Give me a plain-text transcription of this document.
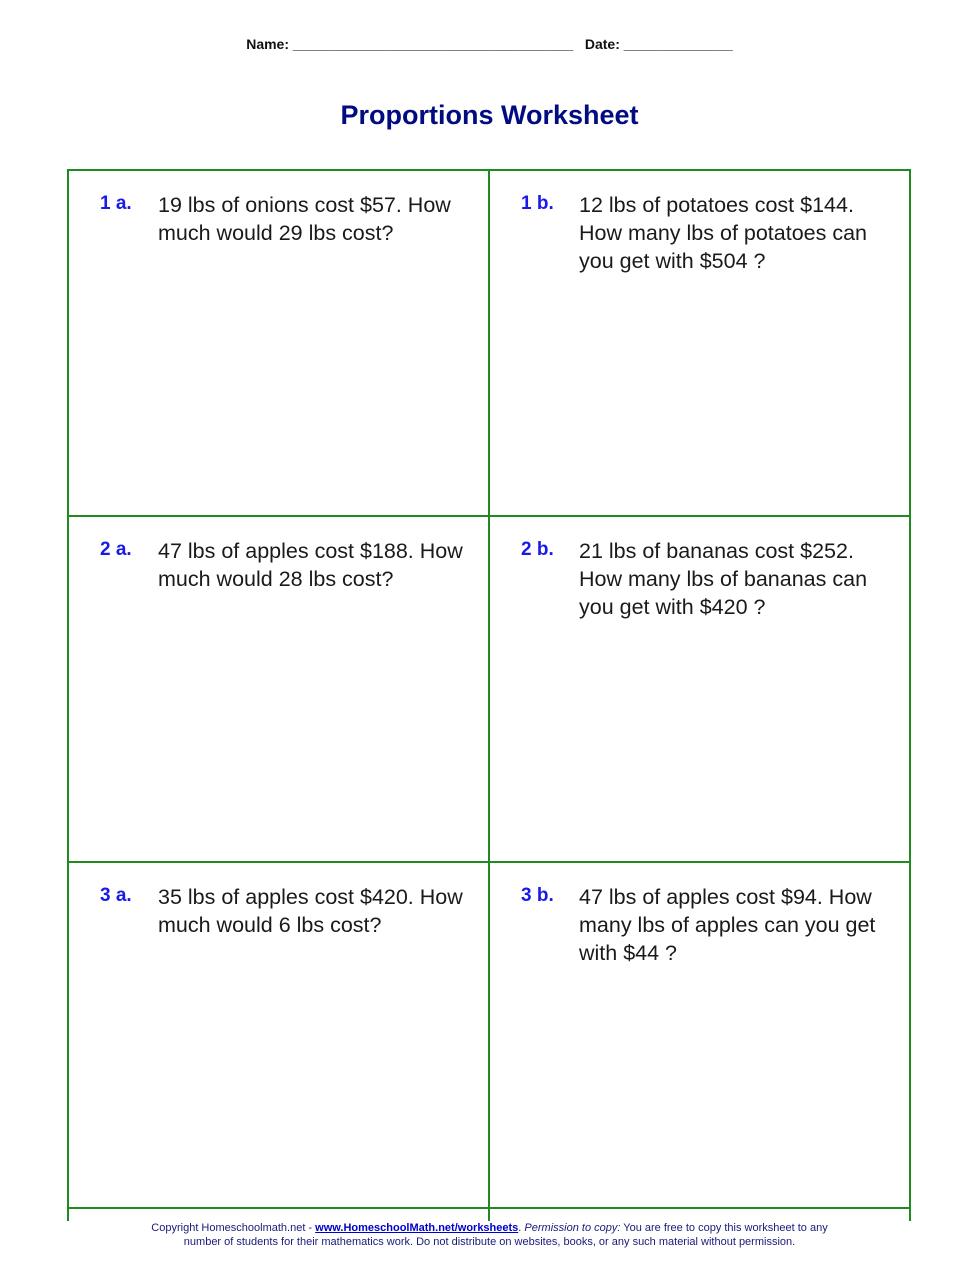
Name: ____________________________________ Date: ______________
Proportions Worksheet
1 a. 19 lbs of onions cost $57. How much would 29 lbs cost?
1 b. 12 lbs of potatoes cost $144. How many lbs of potatoes can you get with $504 ?
2 a. 47 lbs of apples cost $188. How much would 28 lbs cost?
2 b. 21 lbs of bananas cost $252. How many lbs of bananas can you get with $420 ?
3 a. 35 lbs of apples cost $420. How much would 6 lbs cost?
3 b. 47 lbs of apples cost $94. How many lbs of apples can you get with $44 ?
Copyright Homeschoolmath.net - www.HomeschoolMath.net/worksheets. Permission to copy: You are free to copy this worksheet to any
number of students for their mathematics work. Do not distribute on websites, books, or any such material without permission.
